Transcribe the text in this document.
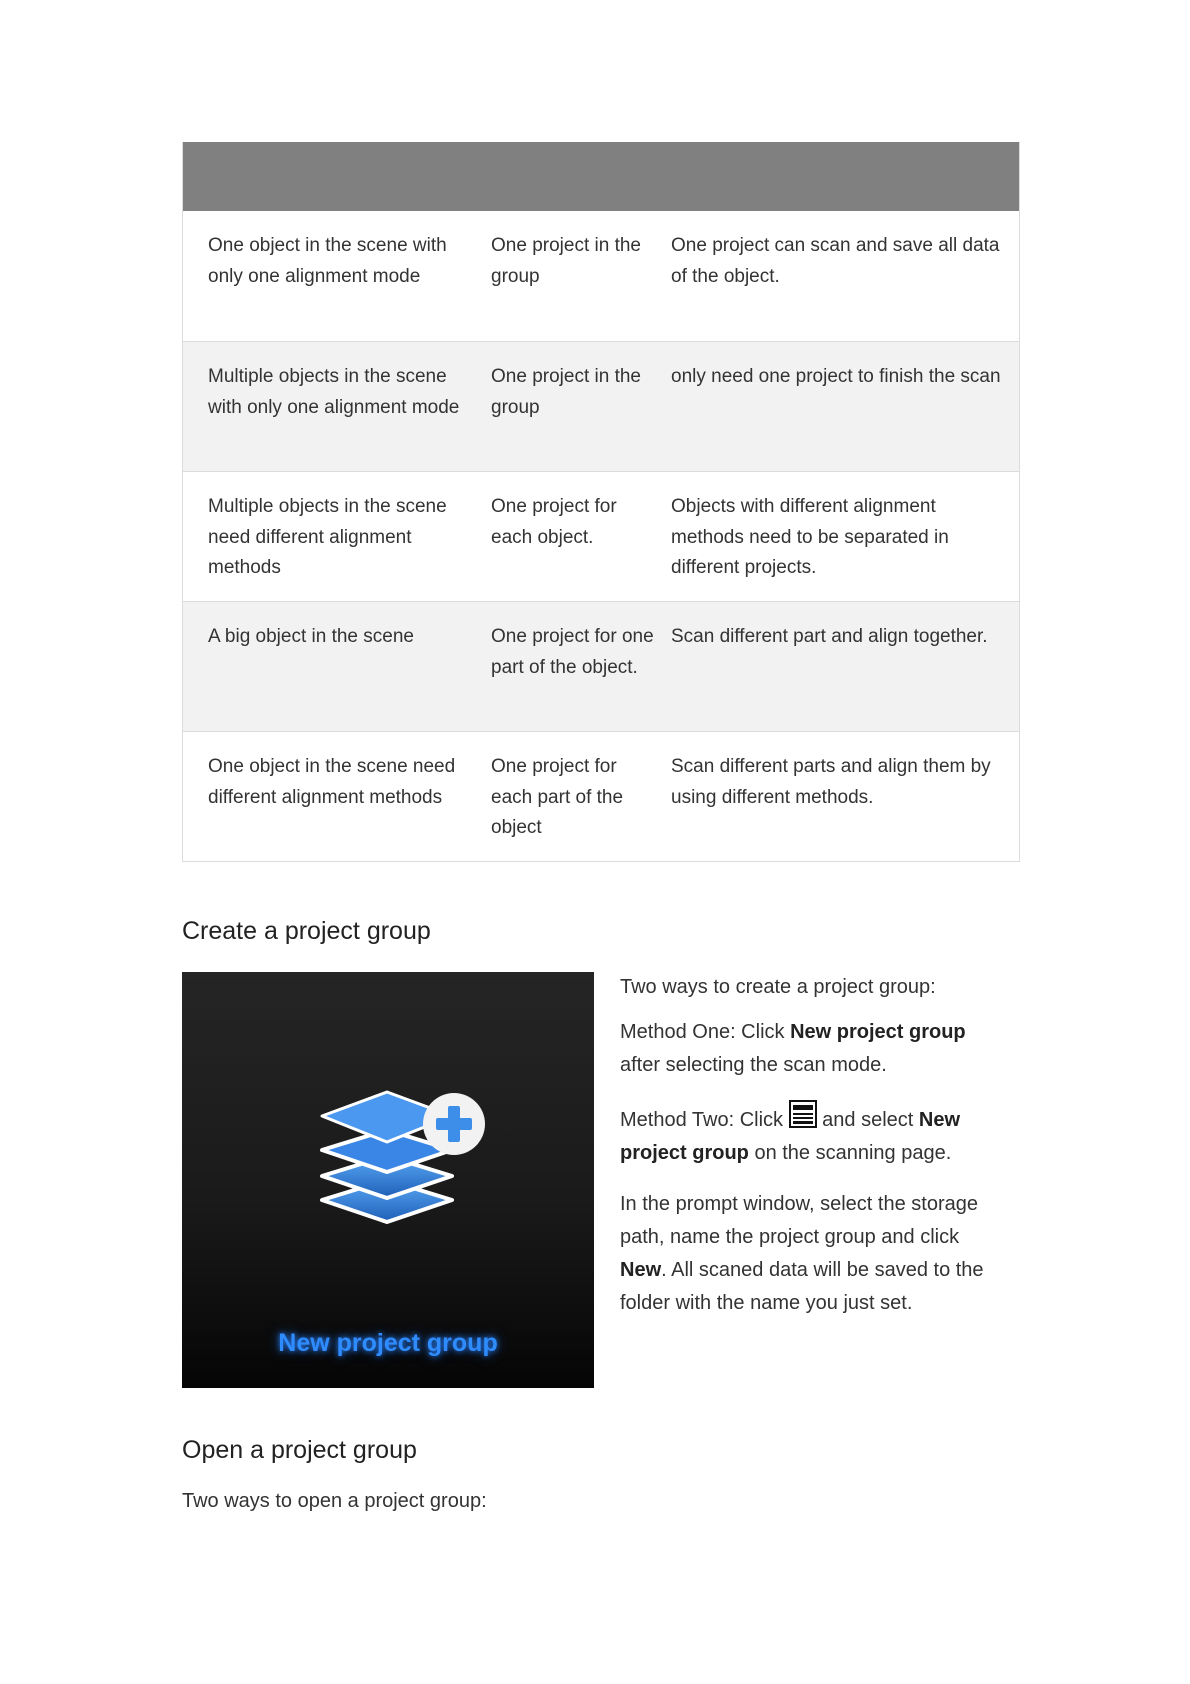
One object in the scene with only one alignment mode
One project in the group
One project can scan and save all data of the object.
Multiple objects in the scene with only one alignment mode
One project in the group
only need one project to finish the scan
Multiple objects in the scene need different alignment methods
One project for each object.
Objects with different alignment methods need to be separated in different projects.
A big object in the scene	One project for one part of the object.
Scan different part and align together.
One object in the scene need different alignment methods
One project for each part of the object
Scan different parts and align them by using different methods.
Create a project group
New project group

Two ways to create a project group:

Method One: Click New project group after selecting the scan mode.

Method Two: Click
and select New project group on the scanning page.

In the prompt window, select the storage path, name the project group and click New. All scaned data will be saved to the folder with the name you just set.

Open a project group

Two ways to open a project group:
